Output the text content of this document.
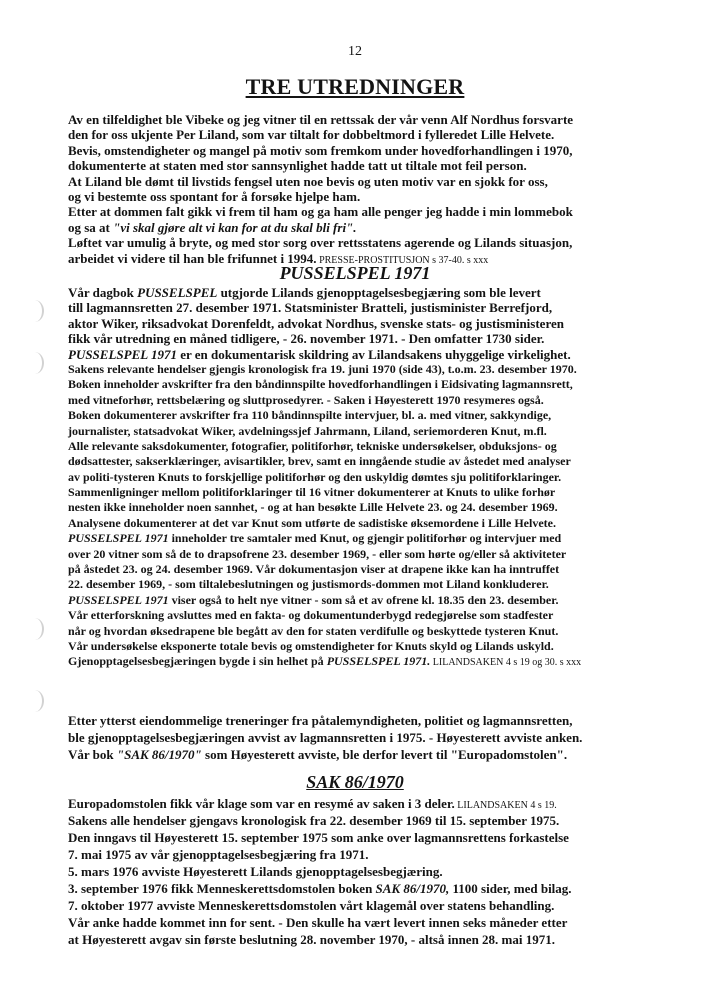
12
TRE UTREDNINGER
Av en tilfeldighet ble Vibeke og jeg vitner til en rettssak der vår venn Alf Nordhus forsvarte
den for oss ukjente Per Liland, som var tiltalt for dobbeltmord i fylleredet Lille Helvete.
Bevis, omstendigheter og mangel på motiv som fremkom under hovedforhandlingen i 1970,
dokumenterte at staten med stor sannsynlighet hadde tatt ut tiltale mot feil person.
At Liland ble dømt til livstids fengsel uten noe bevis og uten motiv var en sjokk for oss,
og vi bestemte oss spontant for å forsøke hjelpe ham.
Etter at dommen falt gikk vi frem til ham og ga ham alle penger jeg hadde i min lommebok
og sa at "vi skal gjøre alt vi kan for at du skal bli fri".
Løftet var umulig å bryte, og med stor sorg over rettsstatens agerende og Lilands situasjon,
arbeidet vi videre til han ble frifunnet i 1994. PRESSE-PROSTITUSJON s 37-40. s xxx
PUSSELSPEL 1971
Vår dagbok PUSSELSPEL utgjorde Lilands gjenopptagelsesbegjæring som ble levert
till lagmannsretten 27. desember 1971. Statsminister Bratteli, justisminister Berrefjord,
aktor Wiker, riksadvokat Dorenfeldt, advokat Nordhus, svenske stats- og justisministeren
fikk vår utredning en måned tidligere, - 26. november 1971. - Den omfatter 1730 sider.
PUSSELSPEL 1971 er en dokumentarisk skildring av Lilandsakens uhyggelige virkelighet.
Sakens relevante hendelser gjengis kronologisk fra 19. juni 1970 (side 43), t.o.m. 23. desember 1970.
Boken inneholder avskrifter fra den båndinnspilte hovedforhandlingen i Eidsivating lagmannsrett,
med vitneforhør, rettsbelæring og sluttprosedyrer. - Saken i Høyesterett 1970 resymeres også.
Boken dokumenterer avskrifter fra 110 båndinnspilte intervjuer, bl. a. med vitner, sakkyndige,
journalister, statsadvokat Wiker, avdelningssjef Jahrmann, Liland, seriemorderen Knut, m.fl.
Alle relevante saksdokumenter, fotografier, politiforhør, tekniske undersøkelser, obduksjons- og
dødsattester, sakserklæringer, avisartikler, brev, samt en inngående studie av åstedet med analyser
av politi-tysteren Knuts to forskjellige politiforhør og den uskyldig dømtes sju politiforklaringer.
Sammenligninger mellom politiforklaringer til 16 vitner dokumenterer at Knuts to ulike forhør
nesten ikke inneholder noen sannhet, - og at han besøkte Lille Helvete 23. og 24. desember 1969.
Analysene dokumenterer at det var Knut som utførte de sadistiske øksemordene i Lille Helvete.
PUSSELSPEL 1971 inneholder tre samtaler med Knut, og gjengir politiforhør og intervjuer med
over 20 vitner som så de to drapsofrene 23. desember 1969, - eller som hørte og/eller så aktiviteter
på åstedet 23. og 24. desember 1969. Vår dokumentasjon viser at drapene ikke kan ha inntruffet
22. desember 1969, - som tiltalebeslutningen og justismords-dommen mot Liland konkluderer.
PUSSELSPEL 1971 viser også to helt nye vitner - som så et av ofrene kl. 18.35 den 23. desember.
Vår etterforskning avsluttes med en fakta- og dokumentunderbygd redegjørelse som stadfester
når og hvordan øksedrapene ble begått av den for staten verdifulle og beskyttede tysteren Knut.
Vår undersøkelse eksponerte totale bevis og omstendigheter for Knuts skyld og Lilands uskyld.
Gjenopptagelsesbegjæringen bygde i sin helhet på PUSSELSPEL 1971. LILANDSAKEN 4 s 19 og 30. s xxx
Etter ytterst eiendommelige treneringer fra påtalemyndigheten, politiet og lagmannsretten,
ble gjenopptagelsesbegjæringen avvist av lagmannsretten i 1975. - Høyesterett avviste anken.
Vår bok "SAK 86/1970" som Høyesterett avviste, ble derfor levert til "Europadomstolen".
SAK 86/1970
Europadomstolen fikk vår klage som var en resymé av saken i 3 deler. LILANDSAKEN 4 s 19.
Sakens alle hendelser gjengavs kronologisk fra 22. desember 1969 til 15. september 1975.
Den inngavs til Høyesterett 15. september 1975 som anke over lagmannsrettens forkastelse
7. mai 1975 av vår gjenopptagelsesbegjæring fra 1971.
5. mars 1976 avviste Høyesterett Lilands gjenopptagelsesbegjæring.
3. september 1976 fikk Menneskerettsdomstolen boken SAK 86/1970, 1100 sider, med bilag.
7. oktober 1977 avviste Menneskerettsdomstolen vårt klagemål over statens behandling.
Vår anke hadde kommet inn for sent. - Den skulle ha vært levert innen seks måneder etter
at Høyesterett avgav sin første beslutning 28. november 1970, - altså innen 28. mai 1971.
